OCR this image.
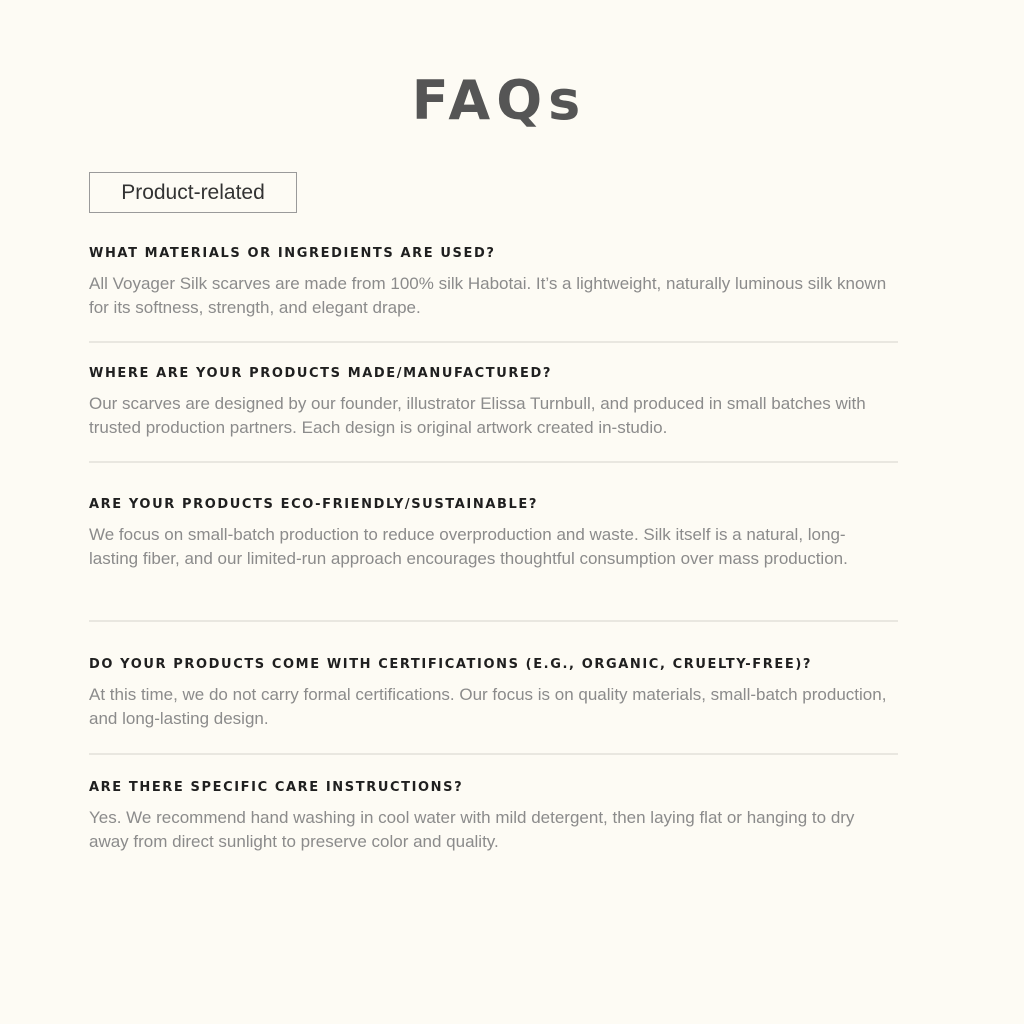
FAQs
Product-related
WHAT MATERIALS OR INGREDIENTS ARE USED?

All Voyager Silk scarves are made from 100% silk Habotai. It’s a lightweight, naturally luminous silk known for its softness, strength, and elegant drape.

WHERE ARE YOUR PRODUCTS MADE/MANUFACTURED?

Our scarves are designed by our founder, illustrator Elissa Turnbull, and produced in small batches with trusted production partners. Each design is original artwork created in-studio.

ARE YOUR PRODUCTS ECO-FRIENDLY/SUSTAINABLE?

We focus on small-batch production to reduce overproduction and waste. Silk itself is a natural, long-lasting fiber, and our limited-run approach encourages thoughtful consumption over mass production.

DO YOUR PRODUCTS COME WITH CERTIFICATIONS (E.G., ORGANIC, CRUELTY-FREE)?

At this time, we do not carry formal certifications. Our focus is on quality materials, small-batch production, and long-lasting design.

ARE THERE SPECIFIC CARE INSTRUCTIONS?

Yes. We recommend hand washing in cool water with mild detergent, then laying flat or hanging to dry away from direct sunlight to preserve color and quality.
